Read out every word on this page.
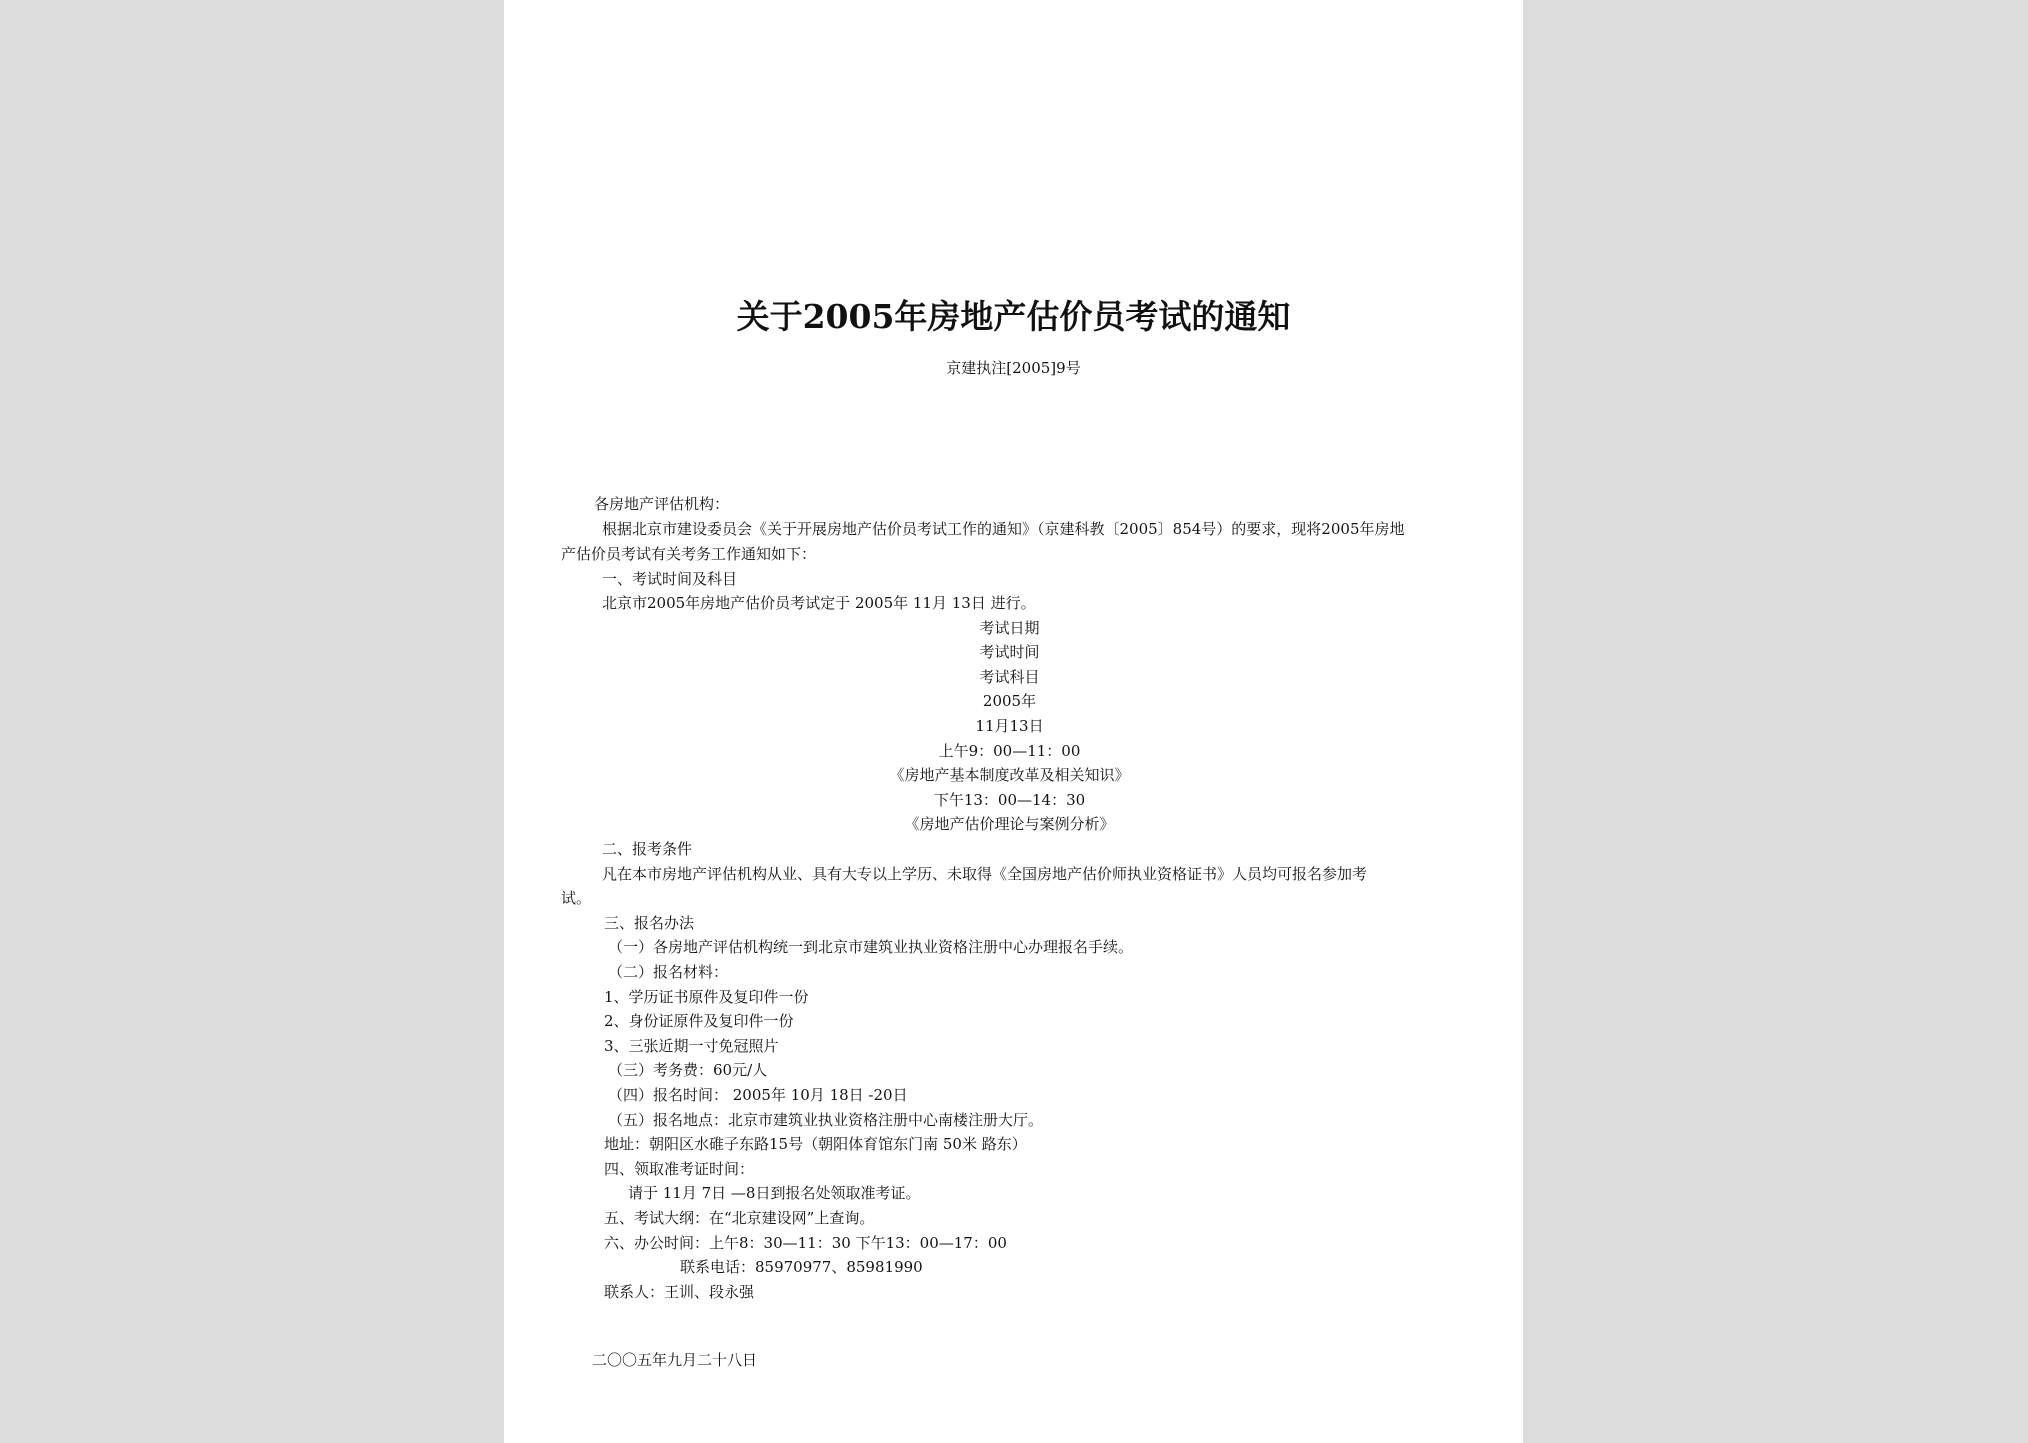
关于2005年房地产估价员考试的通知
京建执注[2005]9号
各房地产评估机构：
根据北京市建设委员会《关于开展房地产估价员考试工作的通知》（京建科教〔2005〕854号）的要求，现将2005年房地
产估价员考试有关考务工作通知如下：
一、考试时间及科目
北京市2005年房地产估价员考试定于 2005年 11月 13日 进行。
考试日期
考试时间
考试科目
2005年
11月13日
上午9：00—11：00
《房地产基本制度改革及相关知识》
下午13：00—14：30
《房地产估价理论与案例分析》
二、报考条件
凡在本市房地产评估机构从业、具有大专以上学历、未取得《全国房地产估价师执业资格证书》人员均可报名参加考
试。
三、报名办法
（一）各房地产评估机构统一到北京市建筑业执业资格注册中心办理报名手续。
（二）报名材料：
1、学历证书原件及复印件一份
2、身份证原件及复印件一份
3、三张近期一寸免冠照片
（三）考务费：60元/人
（四）报名时间： 2005年 10月 18日 -20日
（五）报名地点：北京市建筑业执业资格注册中心南楼注册大厅。
地址：朝阳区水碓子东路15号（朝阳体育馆东门南 50米 路东）
四、领取准考证时间：
请于 11月 7日 —8日到报名处领取准考证。
五、考试大纲：在“北京建设网”上查询。
六、办公时间：上午8：30—11：30 下午13：00—17：00
联系电话：85970977、85981990
联系人：王训、段永强
二〇〇五年九月二十八日
